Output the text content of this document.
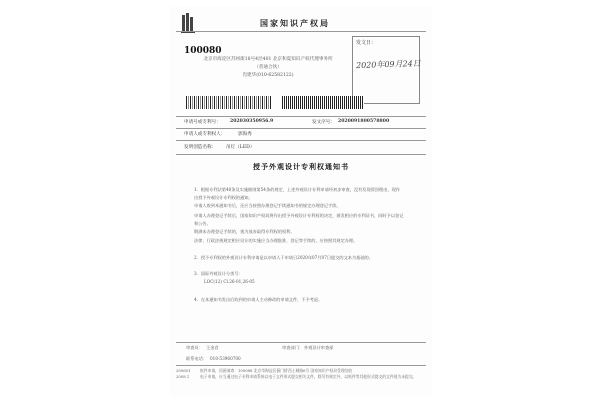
国家知识产权局
100080
北京市海淀区苏州街18号4层401 北京和夏知识产权代理事务所
（普通合伙）
肖建华(010-62582122)
发文日：
2020年09月24日
申请号或专利号： 202030350956.9	发文序号： 2020091800578800
申请人或专利权人：	郭海秀
发明创造名称： 吊灯（LED）
授予外观设计专利权通知书
1．根据专利法第40条及实施细则第54条的规定，上述外观设计专利申请经初步审查，没有发现驳回理由，现作出授予外观设计专利权的通知。
申请人收到本通知书后，还应当按照办理登记手续通知书的规定办理登记手续。
申请人办理登记手续后，国家知识产权局将作出授予外观设计专利权的决定，颁发相应的专利证书，同时予以登记和公告。
期满未办理登记手续的，视为放弃取得专利权的权利。
法律、行政法规规定相应设计的实施应当办理批准、登记等手续的，应按照其规定办理。
2．授予专利权的外观设计专利申请是以申请人于申请日2020年07月07日提交的文本为基础的。
3．国际外观设计分类号：
LOC(12) Cl.26-01,26-05
4．在本通知书发出后收到的申请人主动修改的申请文件，不予考虑。
审查员： 王金君	审查部门： 外观设计审查部
联系电话： 010-53960700
200601
2008.1
纸件申请，回函请寄：100088 北京市海淀区蓟门桥西土城路6号 国家知识产权局受理处收
电子申请，应当通过电子专利申请系统以电子文件形式提交相关文件。除另有规定外，以纸件等其他形式提交的文件视为未提交。
